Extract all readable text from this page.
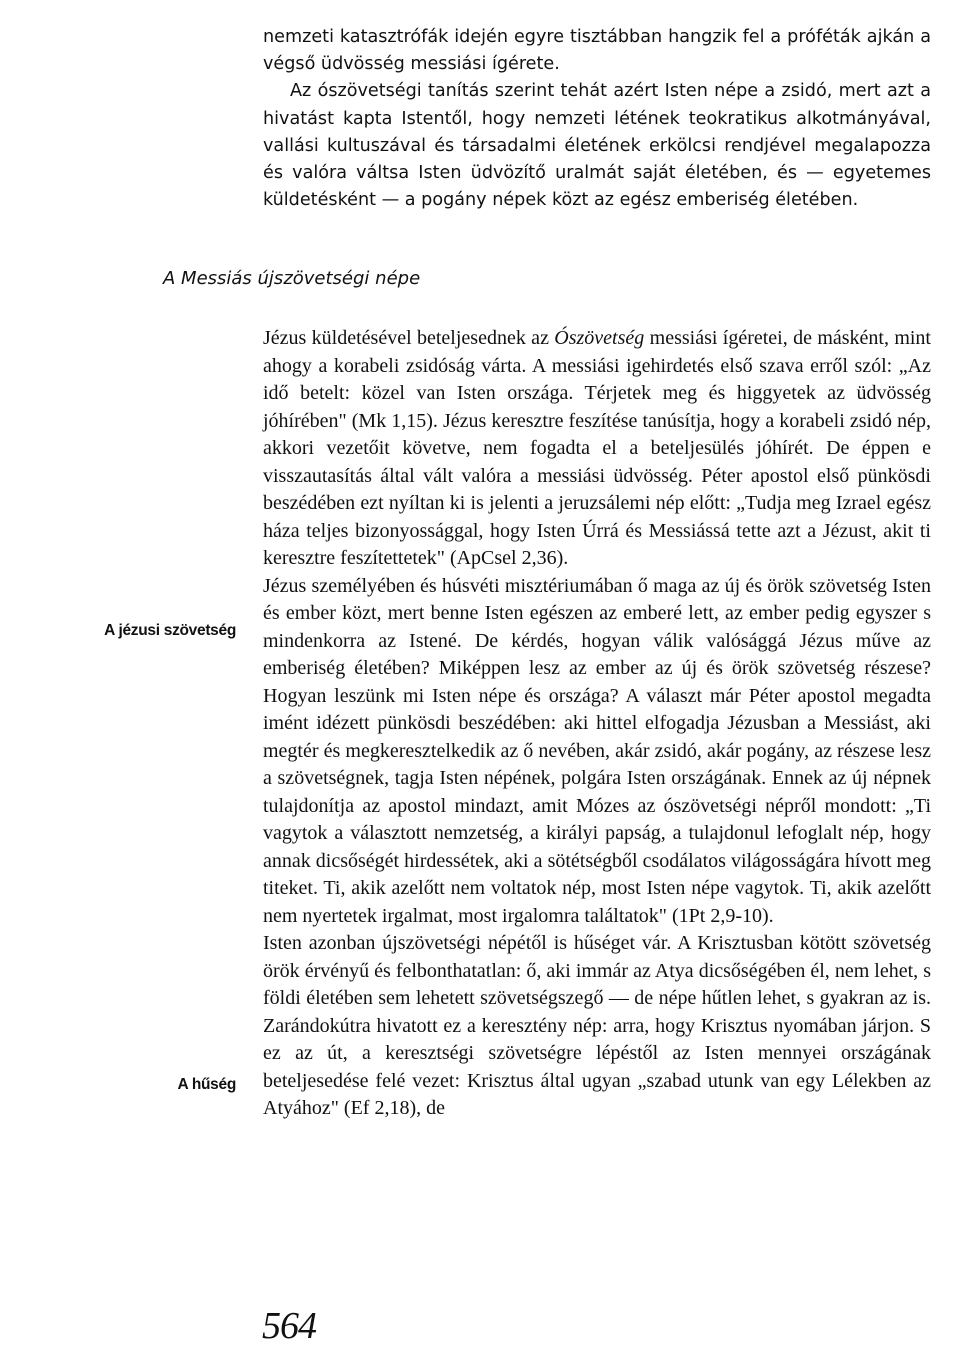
nemzeti katasztrófák idején egyre tisztábban hangzik fel a próféták ajkán a végső üdvösség messiási ígérete.

Az ószövetségi tanítás szerint tehát azért Isten népe a zsidó, mert azt a hivatást kapta Istentől, hogy nemzeti létének teokratikus alkotmányával, vallási kultuszával és társadalmi életének erkölcsi rendjével megalapozza és valóra váltsa Isten üdvözítő uralmát saját életében, és — egyetemes küldetésként — a pogány népek közt az egész emberiség életében.

A Messiás újszövetségi népe

Jézus küldetésével beteljesednek az Ószövetség messiási ígéretei, de másként, mint ahogy a korabeli zsidóság várta. A messiási igehirdetés első szava erről szól: „Az idő betelt: közel van Isten országa. Térjetek meg és higgyetek az üdvösség jóhírében" (Mk 1,15). Jézus keresztre feszítése tanúsítja, hogy a korabeli zsidó nép, akkori vezetőit követve, nem fogadta el a beteljesülés jóhírét. De éppen e visszautasítás által vált valóra a messiási üdvösség. Péter apostol első pünkösdi beszédében ezt nyíltan ki is jelenti a jeruzsálemi nép előtt: „Tudja meg Izrael egész háza teljes bizonyossággal, hogy Isten Úrrá és Messiássá tette azt a Jézust, akit ti keresztre feszítettetek" (ApCsel 2,36).

Jézus személyében és húsvéti misztériumában ő maga az új és örök szövetség Isten és ember közt, mert benne Isten egészen az emberé lett, az ember pedig egyszer s mindenkorra az Istené. De kérdés, hogyan válik valósággá Jézus műve az emberiség életében? Miképpen lesz az ember az új és örök szövetség részese? Hogyan leszünk mi Isten népe és országa? A választ már Péter apostol megadta imént idézett pünkösdi beszédében: aki hittel elfogadja Jézusban a Messiást, aki megtér és megkeresztelkedik az ő nevében, akár zsidó, akár pogány, az részese lesz a szövetségnek, tagja Isten népének, polgára Isten országának. Ennek az új népnek tulajdonítja az apostol mindazt, amit Mózes az ószövetségi népről mondott: „Ti vagytok a választott nemzetség, a királyi papság, a tulajdonul lefoglalt nép, hogy annak dicsőségét hirdessétek, aki a sötétségből csodálatos világosságára hívott meg titeket. Ti, akik azelőtt nem voltatok nép, most Isten népe vagytok. Ti, akik azelőtt nem nyertetek irgalmat, most irgalomra találtatok" (1Pt 2,9-10).

Isten azonban újszövetségi népétől is hűséget vár. A Krisztusban kötött szövetség örök érvényű és felbonthatatlan: ő, aki immár az Atya dicsőségében él, nem lehet, s földi életében sem lehetett szövetségszegő — de népe hűtlen lehet, s gyakran az is. Zarándokútra hivatott ez a keresztény nép: arra, hogy Krisztus nyomában járjon. S ez az út, a keresztségi szövetségre lépéstől az Isten mennyei országának beteljesedése felé vezet: Krisztus által ugyan „szabad utunk van egy Lélekben az Atyához" (Ef 2,18), de

A jézusi szövetség
A hűség
564
